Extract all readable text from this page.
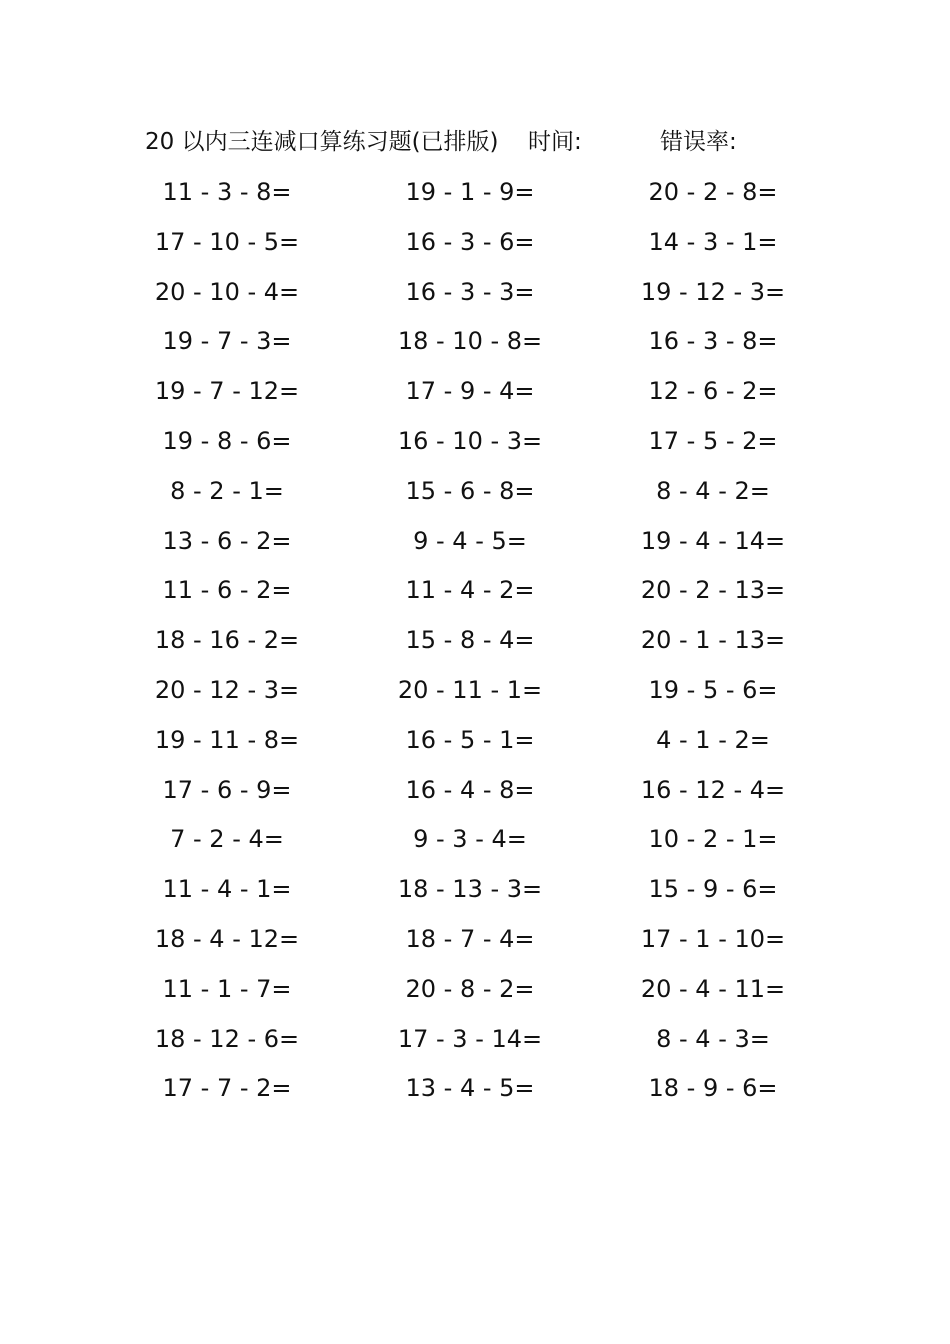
20 以内三连减口算练习题(已排版) 时间:	错误率:
11 - 3 - 8=	19 - 1 - 9=	20 - 2 - 8=
17 - 10 - 5=	16 - 3 - 6=	14 - 3 - 1=
20 - 10 - 4=	16 - 3 - 3=	19 - 12 - 3=
19 - 7 - 3=	18 - 10 - 8=	16 - 3 - 8=
19 - 7 - 12=	17 - 9 - 4=	12 - 6 - 2=
19 - 8 - 6=	16 - 10 - 3=	17 - 5 - 2=
8 - 2 - 1=	15 - 6 - 8=	8 - 4 - 2=
13 - 6 - 2=	9 - 4 - 5=	19 - 4 - 14=
11 - 6 - 2=	11 - 4 - 2=	20 - 2 - 13=
18 - 16 - 2=	15 - 8 - 4=	20 - 1 - 13=
20 - 12 - 3=	20 - 11 - 1=	19 - 5 - 6=
19 - 11 - 8=	16 - 5 - 1=	4 - 1 - 2=
17 - 6 - 9=	16 - 4 - 8=	16 - 12 - 4=
7 - 2 - 4=	9 - 3 - 4=	10 - 2 - 1=
11 - 4 - 1=	18 - 13 - 3=	15 - 9 - 6=
18 - 4 - 12=	18 - 7 - 4=	17 - 1 - 10=
11 - 1 - 7=	20 - 8 - 2=	20 - 4 - 11=
18 - 12 - 6=	17 - 3 - 14=	8 - 4 - 3=
17 - 7 - 2=	13 - 4 - 5=	18 - 9 - 6=
